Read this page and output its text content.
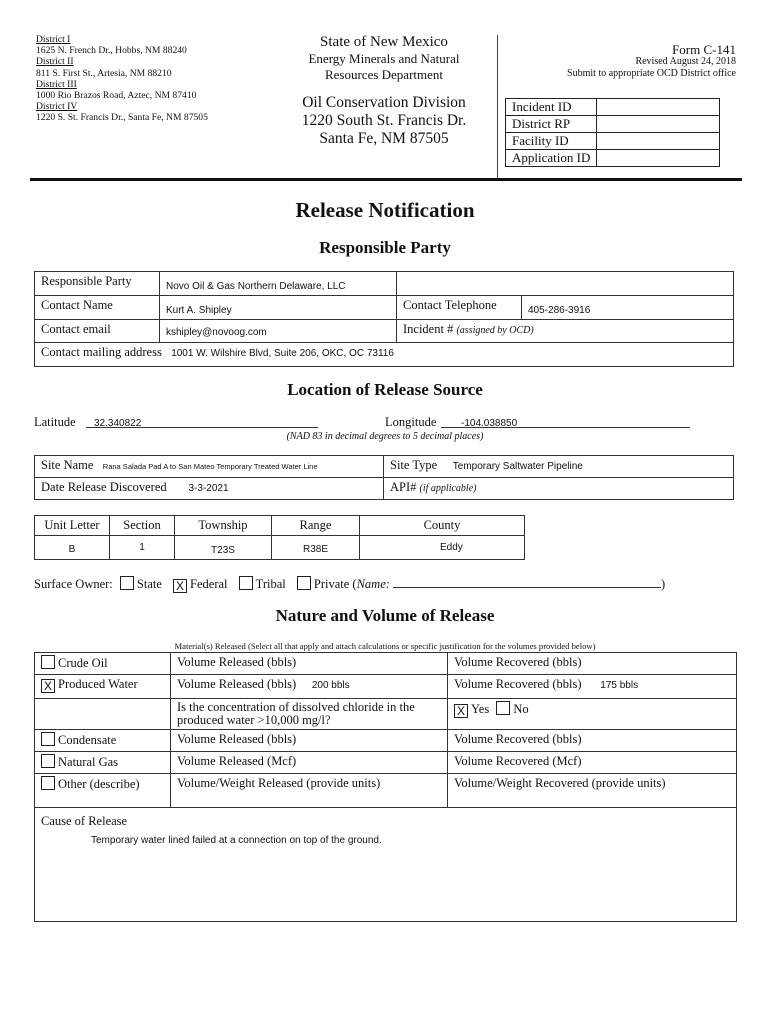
District I
1625 N. French Dr., Hobbs, NM 88240
District II
811 S. First St., Artesia, NM 88210
District III
1000 Rio Brazos Road, Aztec, NM 87410
District IV
1220 S. St. Francis Dr., Santa Fe, NM 87505
State of New Mexico
Energy Minerals and Natural
Resources Department
Oil Conservation Division
1220 South St. Francis Dr.
Santa Fe, NM 87505
Form C-141
Revised August 24, 2018
Submit to appropriate OCD District office
Incident ID	
District RP	
Facility ID	
Application ID	
Release Notification
Responsible Party
Responsible Party	Novo Oil & Gas Northern Delaware, LLC		
Contact Name	Kurt A. Shipley	Contact Telephone	405-286-3916
Contact email	kshipley@novoog.com	Incident # (assigned by OCD)	
Contact mailing address 1001 W. Wilshire Blvd, Suite 206, OKC, OC 73116			
Location of Release Source
Latitude	32.340822	Longitude	-104.038850
(NAD 83 in decimal degrees to 5 decimal places)
Site Name Rana Salada Pad A to San Mateo Temporary Treated Water Line	Site Type Temporary Saltwater Pipeline
Date Release Discovered 3-3-2021	API# (if applicable)
Unit Letter	Section	Township	Range	County
B	1	T23S	R38E	Eddy
Surface Owner: State X Federal Tribal Private (Name:	)
Nature and Volume of Release
Material(s) Released (Select all that apply and attach calculations or specific justification for the volumes provided below)
Crude Oil	Volume Released (bbls)	Volume Recovered (bbls)
X Produced Water	Volume Released (bbls) 200 bbls	Volume Recovered (bbls) 175 bbls
	Is the concentration of dissolved chloride in the produced water >10,000 mg/l?	X Yes No
Condensate	Volume Released (bbls)	Volume Recovered (bbls)
Natural Gas	Volume Released (Mcf)	Volume Recovered (Mcf)
Other (describe)	Volume/Weight Released (provide units)	Volume/Weight Recovered (provide units)

Cause of Release
Temporary water lined failed at a connection on top of the ground.		
